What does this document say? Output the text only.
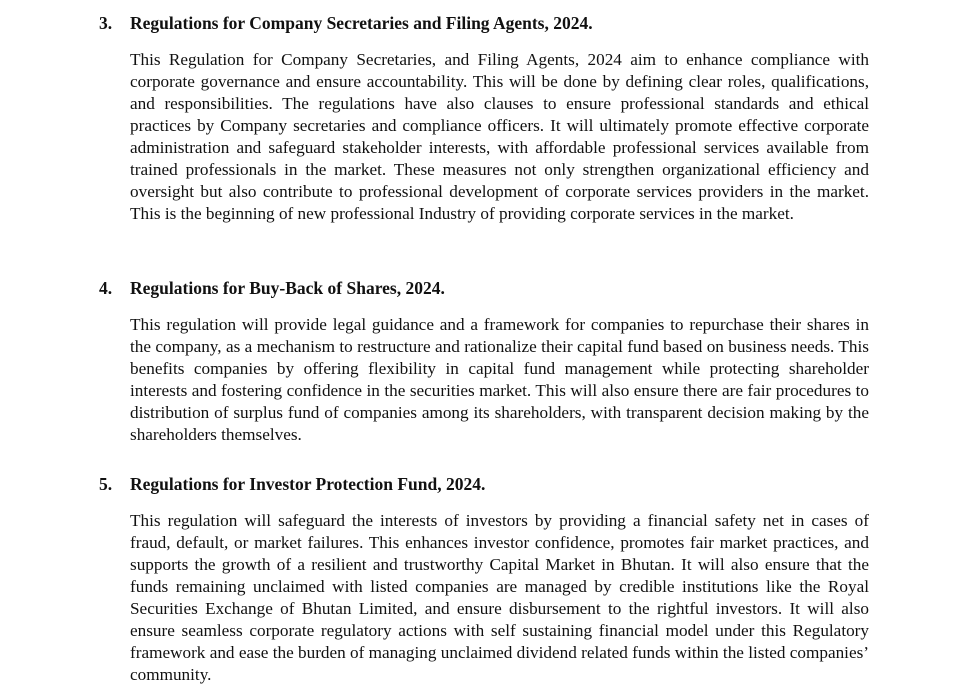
3.	Regulations for Company Secretaries and Filing Agents, 2024.

This Regulation for Company Secretaries, and Filing Agents, 2024 aim to enhance compliance with corporate governance and ensure accountability. This will be done by defining clear roles, qualifications, and responsibilities. The regulations have also clauses to ensure professional standards and ethical practices by Company secretaries and compliance officers. It will ultimately promote effective corporate administration and safeguard stakeholder interests, with affordable professional services available from trained professionals in the market. These measures not only strengthen organizational efficiency and oversight but also contribute to professional development of corporate services providers in the market. This is the beginning of new professional Industry of providing corporate services in the market.

4.	Regulations for Buy-Back of Shares, 2024.

This regulation will provide legal guidance and a framework for companies to repurchase their shares in the company, as a mechanism to restructure and rationalize their capital fund based on business needs. This benefits companies by offering flexibility in capital fund management while protecting shareholder interests and fostering confidence in the securities market. This will also ensure there are fair procedures to distribution of surplus fund of companies among its shareholders, with transparent decision making by the shareholders themselves.

5.	Regulations for Investor Protection Fund, 2024.

This regulation will safeguard the interests of investors by providing a financial safety net in cases of fraud, default, or market failures. This enhances investor confidence, promotes fair market practices, and supports the growth of a resilient and trustworthy Capital Market in Bhutan. It will also ensure that the funds remaining unclaimed with listed companies are managed by credible institutions like the Royal Securities Exchange of Bhutan Limited, and ensure disbursement to the rightful investors. It will also ensure seamless corporate regulatory actions with self sustaining financial model under this Regulatory framework and ease the burden of managing unclaimed dividend related funds within the listed companies’ community.
